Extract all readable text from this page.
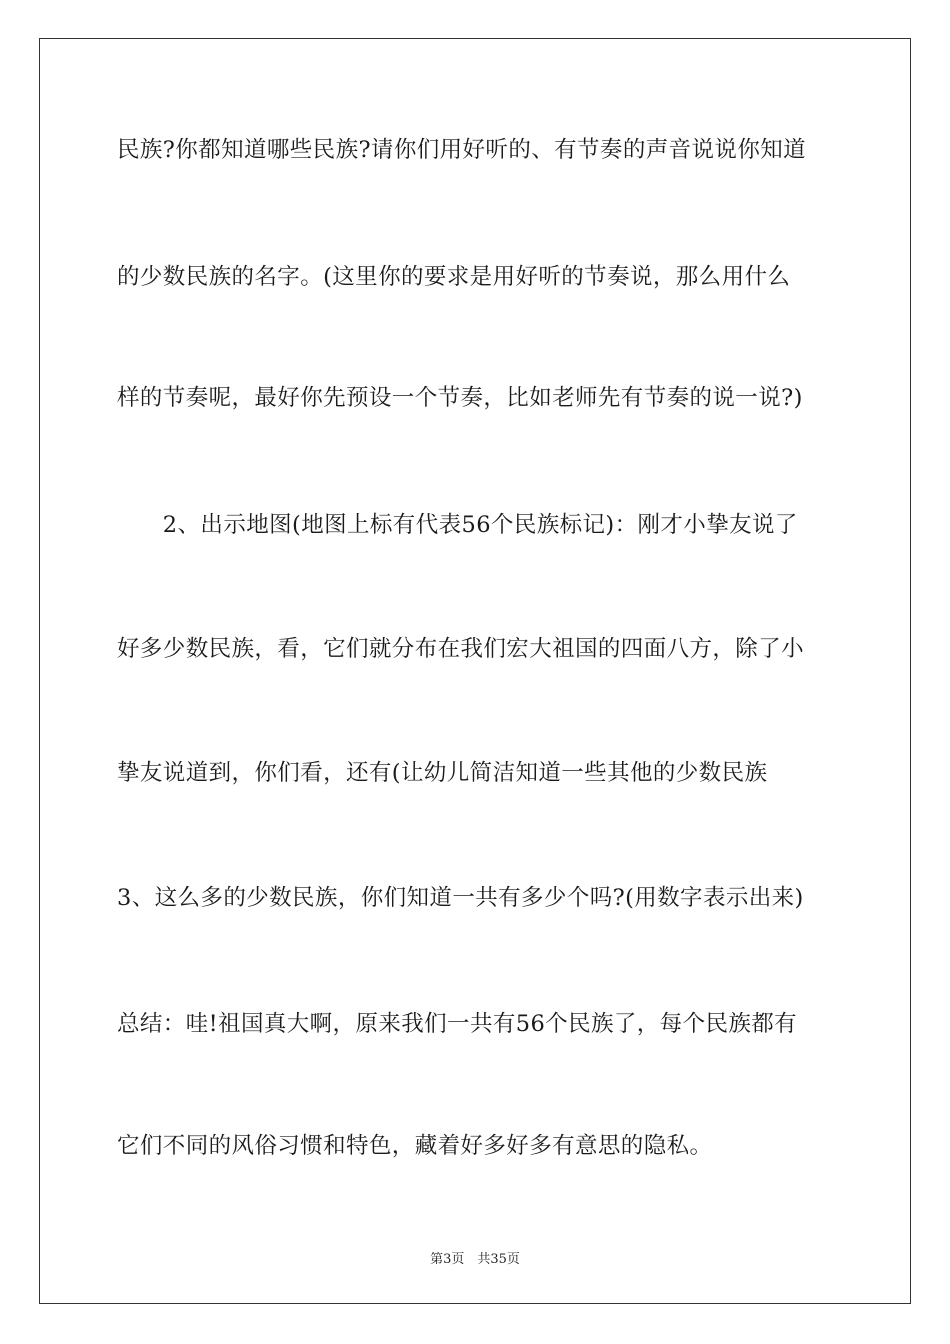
民族?你都知道哪些民族?请你们用好听的、有节奏的声音说说你知道
的少数民族的名字。(这里你的要求是用好听的节奏说，那么用什么
样的节奏呢，最好你先预设一个节奏，比如老师先有节奏的说一说?)
　　2、出示地图(地图上标有代表56个民族标记)：刚才小挚友说了
好多少数民族，看，它们就分布在我们宏大祖国的四面八方，除了小
挚友说道到，你们看，还有(让幼儿简洁知道一些其他的少数民族
3、这么多的少数民族，你们知道一共有多少个吗?(用数字表示出来)
总结：哇!祖国真大啊，原来我们一共有56个民族了，每个民族都有
它们不同的风俗习惯和特色，藏着好多好多有意思的隐私。
第3页　共35页
